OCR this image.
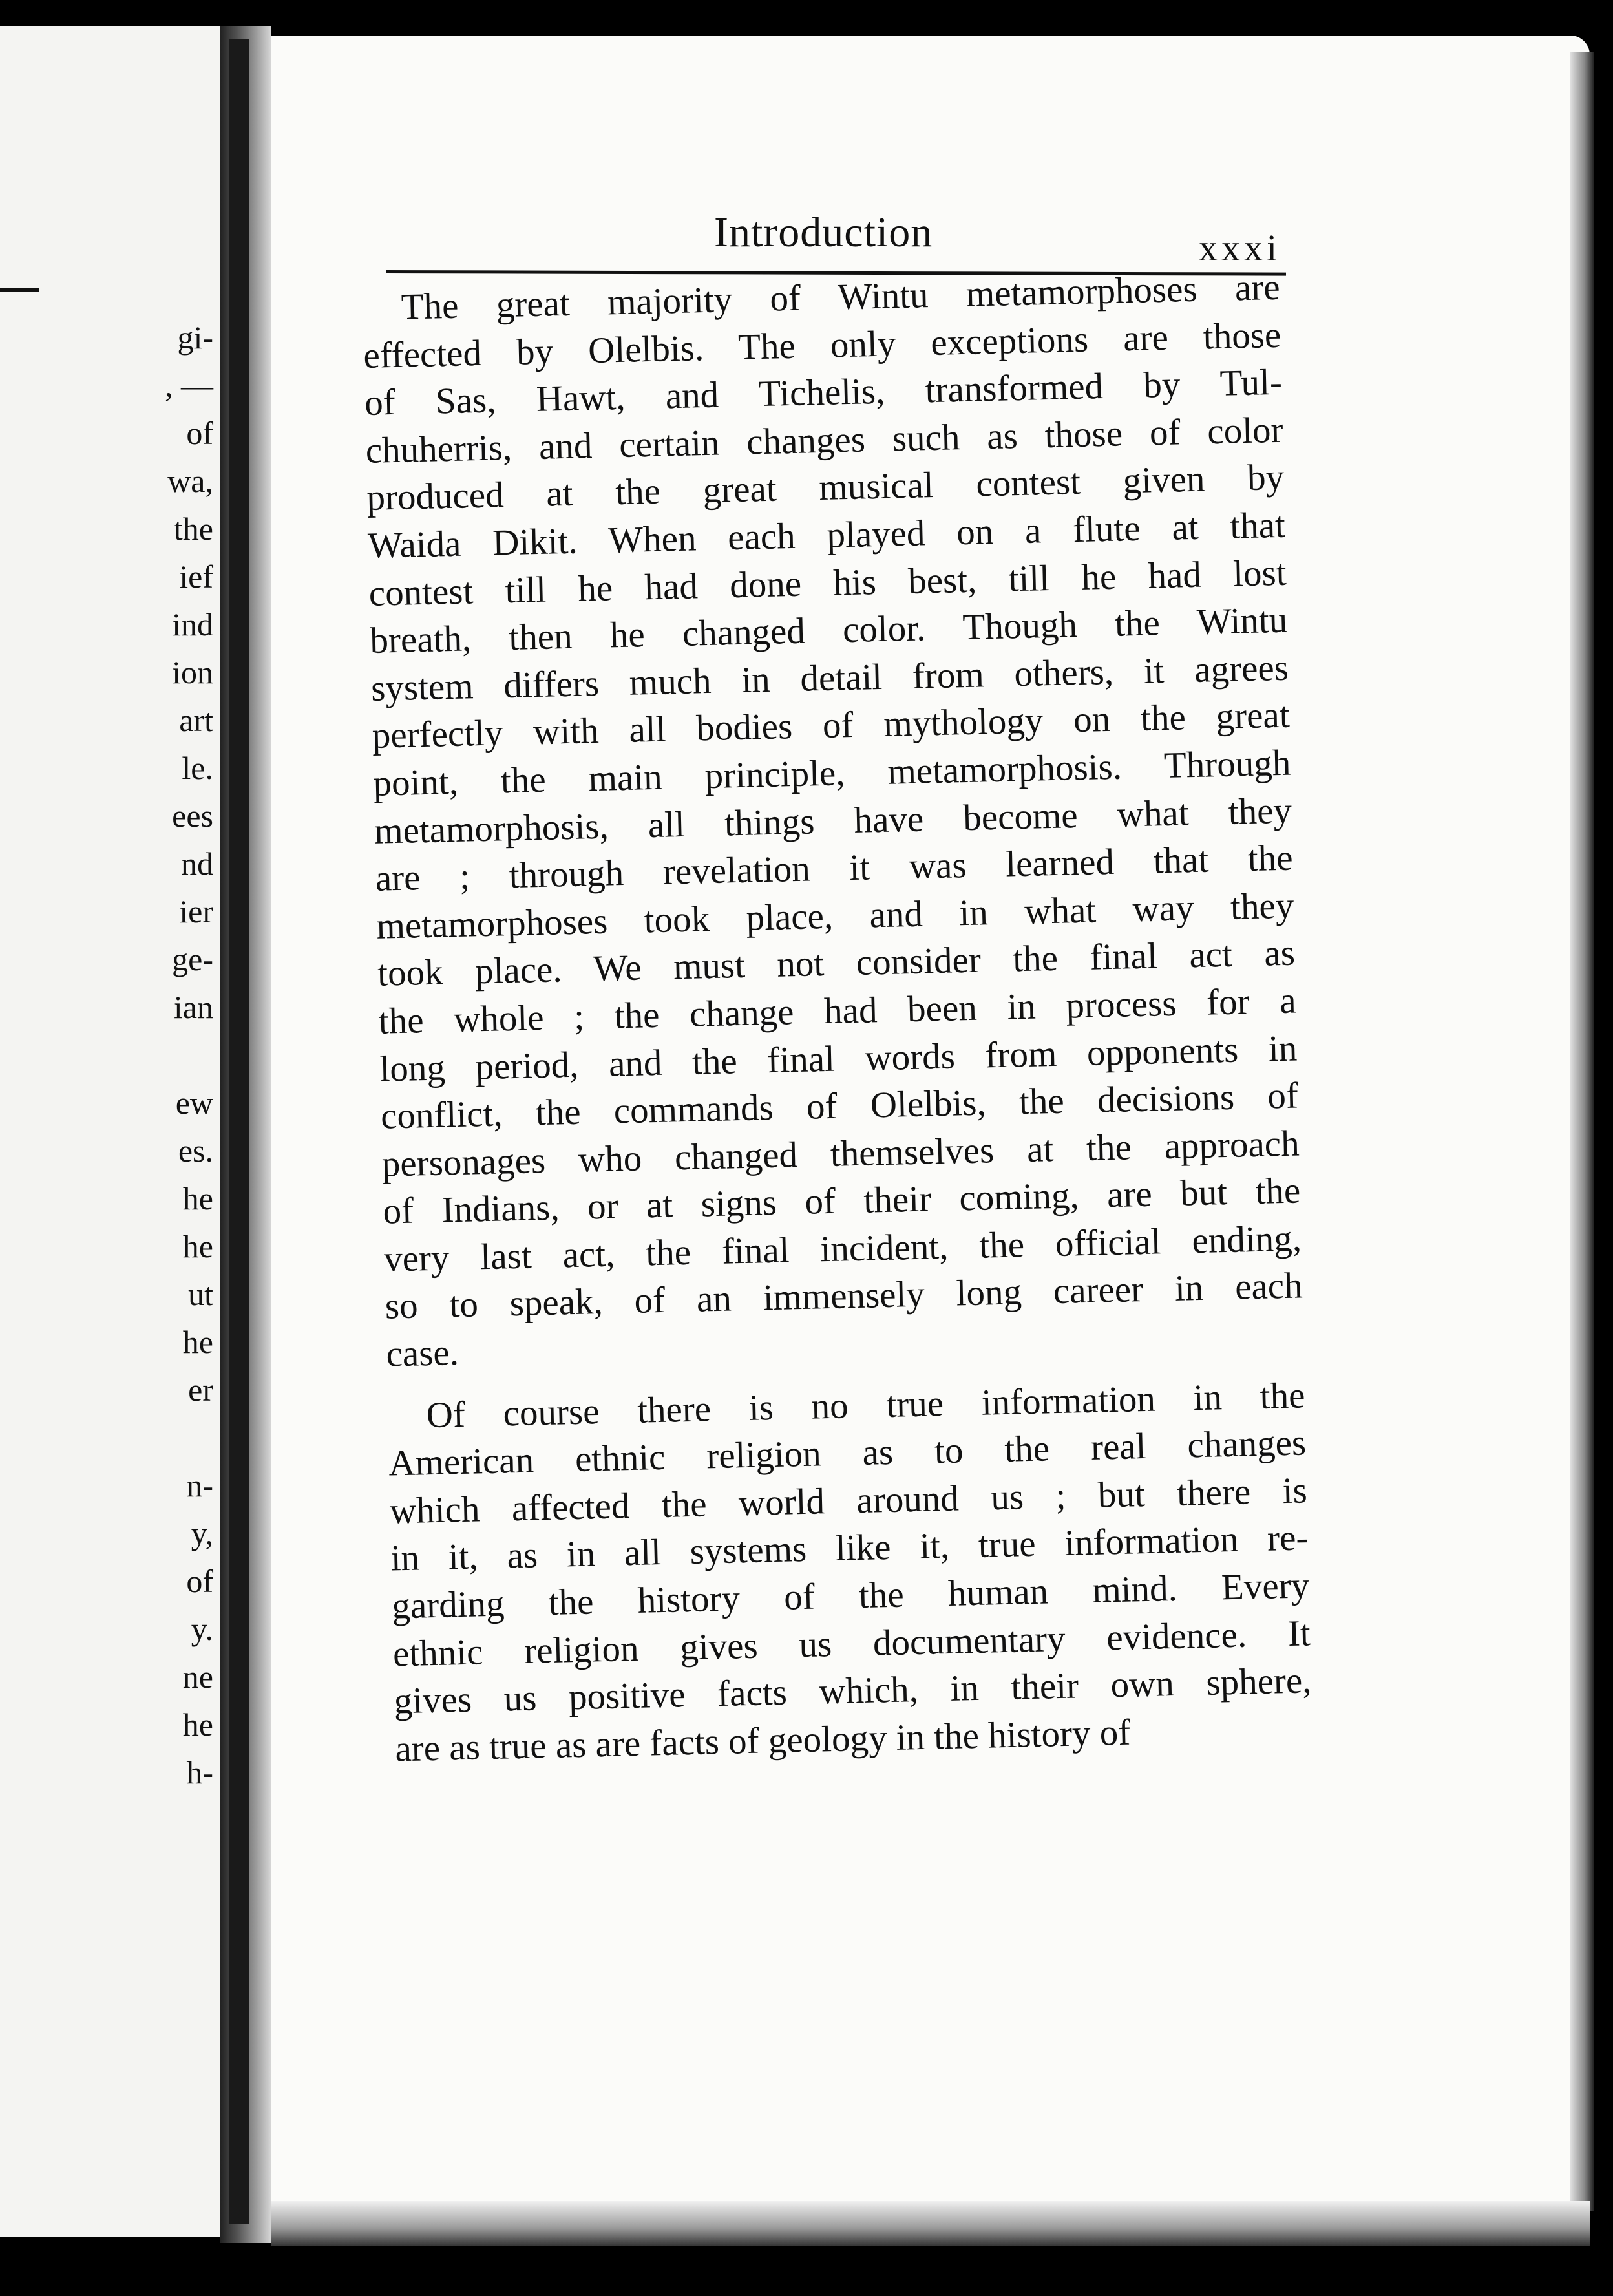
gi-
, —
of
wa,
the
ief
ind
ion
art
le.
ees
nd
ier
ge-
ian
ew
es.
he
he
ut
he
er
n-
y,
of
y.
ne
he
h-
Introduction	xxxi
The great majority of Wintu metamorphoses are
effected by Olelbis. The only exceptions are those
of Sas, Hawt, and Tichelis, transformed by Tul-
chuherris, and certain changes such as those of color
produced at the great musical contest given by
Waida Dikit. When each played on a flute at that
contest till he had done his best, till he had lost
breath, then he changed color. Though the Wintu
system differs much in detail from others, it agrees
perfectly with all bodies of mythology on the great
point, the main principle, metamorphosis. Through
metamorphosis, all things have become what they
are ; through revelation it was learned that the
metamorphoses took place, and in what way they
took place. We must not consider the final act as
the whole ; the change had been in process for a
long period, and the final words from opponents in
conflict, the commands of Olelbis, the decisions of
personages who changed themselves at the approach
of Indians, or at signs of their coming, are but the
very last act, the final incident, the official ending,
so to speak, of an immensely long career in each
case.
Of course there is no true information in the
American ethnic religion as to the real changes
which affected the world around us ; but there is
in it, as in all systems like it, true information re-
garding the history of the human mind. Every
ethnic religion gives us documentary evidence. It
gives us positive facts which, in their own sphere,
are as true as are facts of geology in the history of
